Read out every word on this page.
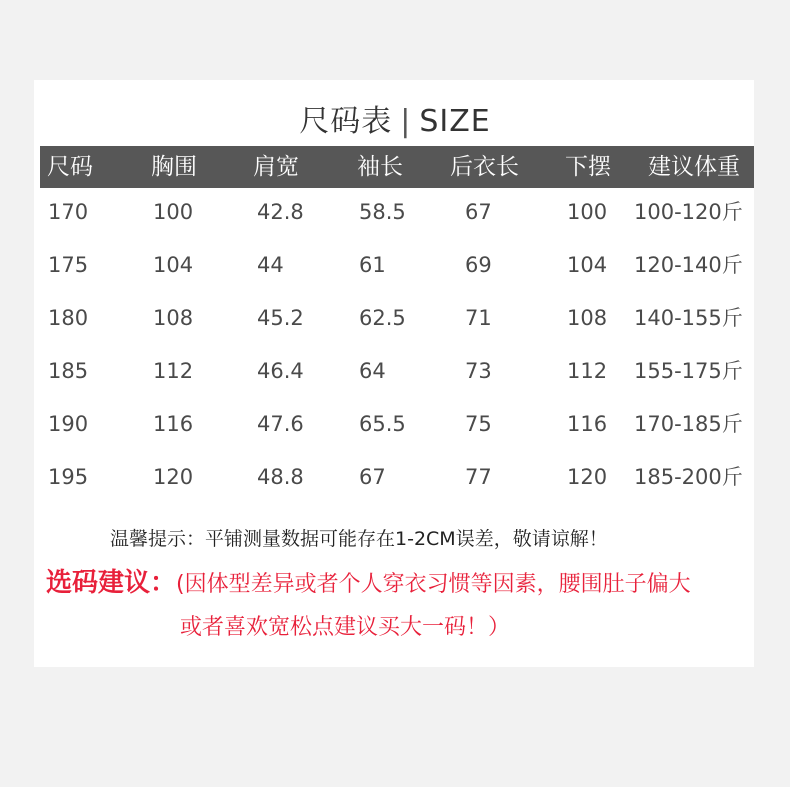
尺码表 | SIZE
尺码	胸围 肩宽	袖长 后衣长 下摆 建议体重
170	100	42.8	58.5	67	100 100-120斤
175	104	44	61	69	104 120-140斤
180	108	45.2	62.5	71	108 140-155斤
185	112	46.4	64	73	112 155-175斤
190	116	47.6	65.5	75	116 170-185斤
195	120	48.8	67	77	120 185-200斤
温馨提示：平铺测量数据可能存在1-2CM误差，敬请谅解！
选码建议：(因体型差异或者个人穿衣习惯等因素，腰围肚子偏大
或者喜欢宽松点建议买大一码！）
